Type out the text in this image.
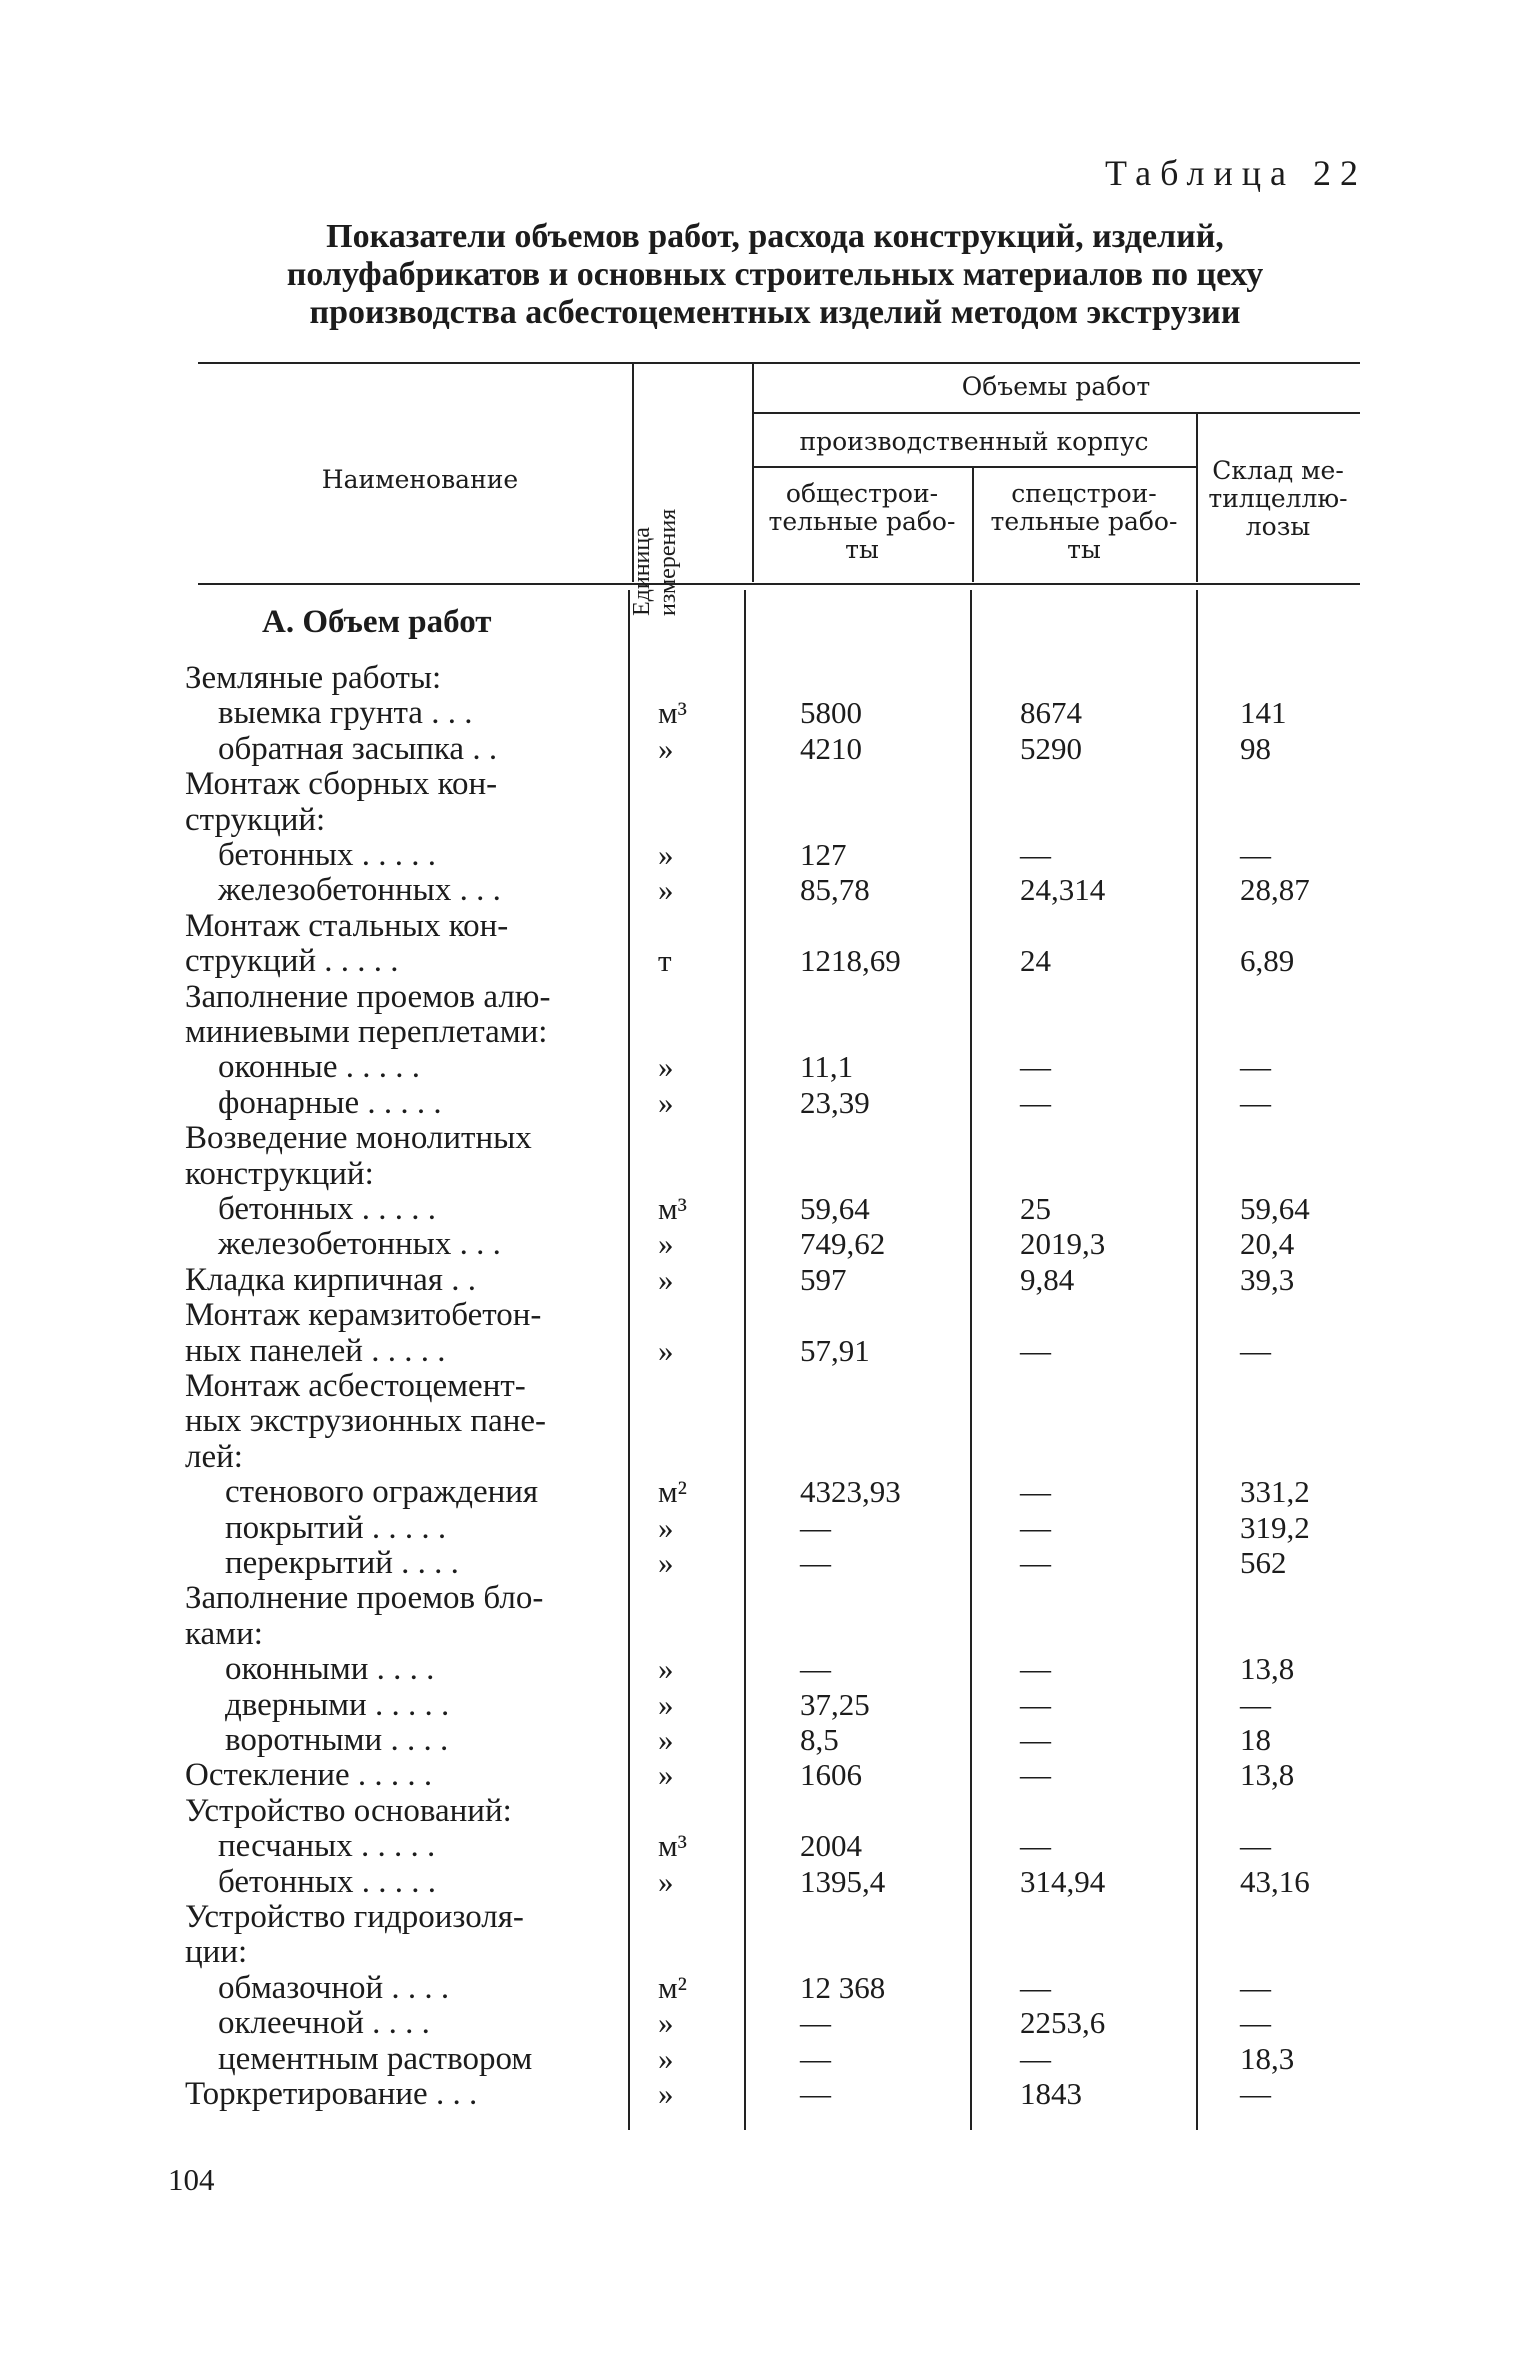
Таблица 22
Показатели объемов работ, расхода конструкций, изделий,
полуфабрикатов и основных строительных материалов по цеху
производства асбестоцементных изделий методом экструзии
Наименование
Единица измерения
Объемы работ
производственный корпус
общестрои-тельные рабо-ты
спецстрои-тельные рабо-ты
Склад ме-тилцеллю-лозы
А. Объем работ
Земляные работы:
выемка грунта . . .	м³	5800	8674	141
обратная засыпка . .	»	4210	5290	98
Монтаж сборных кон-
струкций:
бетонных . . . . .	»	127	—	—
железобетонных . . .	»	85,78	24,314	28,87
Монтаж стальных кон-
струкций . . . . .	т	1218,69	24	6,89
Заполнение проемов алю-
миниевыми переплетами:
оконные . . . . .	»	11,1	—	—
фонарные . . . . .	»	23,39	—	—
Возведение монолитных
конструкций:
бетонных . . . . .	м³	59,64	25	59,64
железобетонных . . .	»	749,62	2019,3	20,4
Кладка кирпичная . .	»	597	9,84	39,3
Монтаж керамзитобетон-
ных панелей . . . . .	»	57,91	—	—
Монтаж асбестоцемент-
ных экструзионных пане-
лей:
стенового ограждения	м²	4323,93	—	331,2
покрытий . . . . .	»	—	—	319,2
перекрытий . . . .	»	—	—	562
Заполнение проемов бло-
ками:
оконными . . . .	»	—	—	13,8
дверными . . . . .	»	37,25	—	—
воротными . . . .	»	8,5	—	18
Остекление . . . . .	»	1606	—	13,8
Устройство оснований:
песчаных . . . . .	м³	2004	—	—
бетонных . . . . .	»	1395,4	314,94	43,16
Устройство гидроизоля-
ции:
обмазочной . . . .	м²	12 368	—	—
оклеечной . . . .	»	—	2253,6	—
цементным раствором	»	—	—	18,3
Торкретирование . . .	»	—	1843	—
104
